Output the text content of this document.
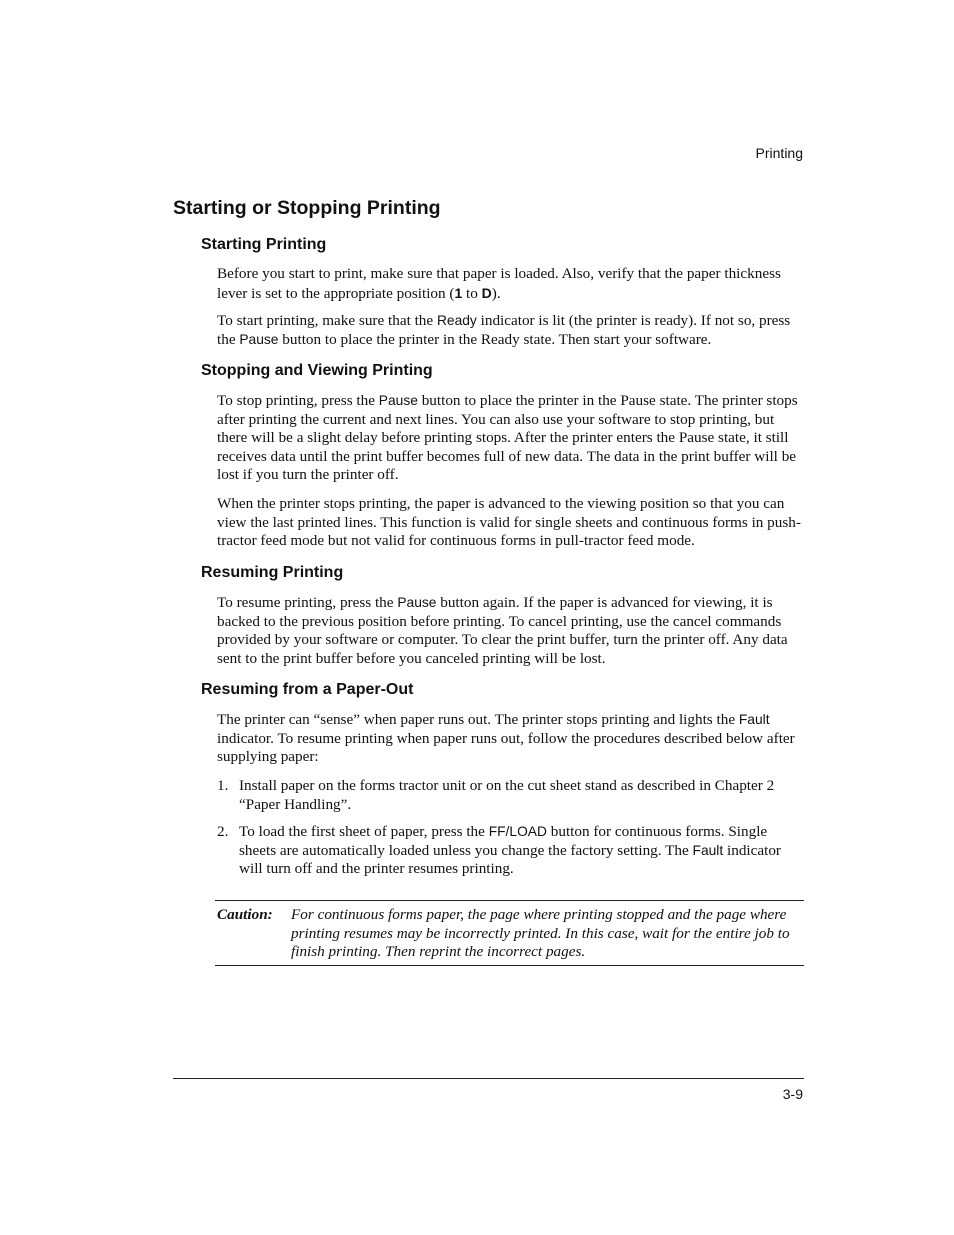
Printing
Starting or Stopping Printing
Starting Printing

Before you start to print, make sure that paper is loaded. Also, verify that the paper thickness lever is set to the appropriate position (1 to D).

To start printing, make sure that the Ready indicator is lit (the printer is ready). If not so, press the Pause button to place the printer in the Ready state. Then start your software.

Stopping and Viewing Printing

To stop printing, press the Pause button to place the printer in the Pause state. The printer stops after printing the current and next lines. You can also use your software to stop printing, but there will be a slight delay before printing stops. After the printer enters the Pause state, it still receives data until the print buffer becomes full of new data. The data in the print buffer will be lost if you turn the printer off.

When the printer stops printing, the paper is advanced to the viewing position so that you can view the last printed lines. This function is valid for single sheets and continuous forms in push-tractor feed mode but not valid for continuous forms in pull-tractor feed mode.

Resuming Printing

To resume printing, press the Pause button again. If the paper is advanced for viewing, it is backed to the previous position before printing. To cancel printing, use the cancel commands provided by your software or computer. To clear the print buffer, turn the printer off. Any data sent to the print buffer before you canceled printing will be lost.

Resuming from a Paper-Out

The printer can “sense” when paper runs out. The printer stops printing and lights the Fault indicator. To resume printing when paper runs out, follow the procedures described below after supplying paper:

1. Install paper on the forms tractor unit or on the cut sheet stand as described in Chapter 2 “Paper Handling”.
2. To load the first sheet of paper, press the FF/LOAD button for continuous forms. Single sheets are automatically loaded unless you change the factory setting. The Fault indicator will turn off and the printer resumes printing.
Caution: For continuous forms paper, the page where printing stopped and the page where printing resumes may be incorrectly printed. In this case, wait for the entire job to finish printing. Then reprint the incorrect pages.
3-9
